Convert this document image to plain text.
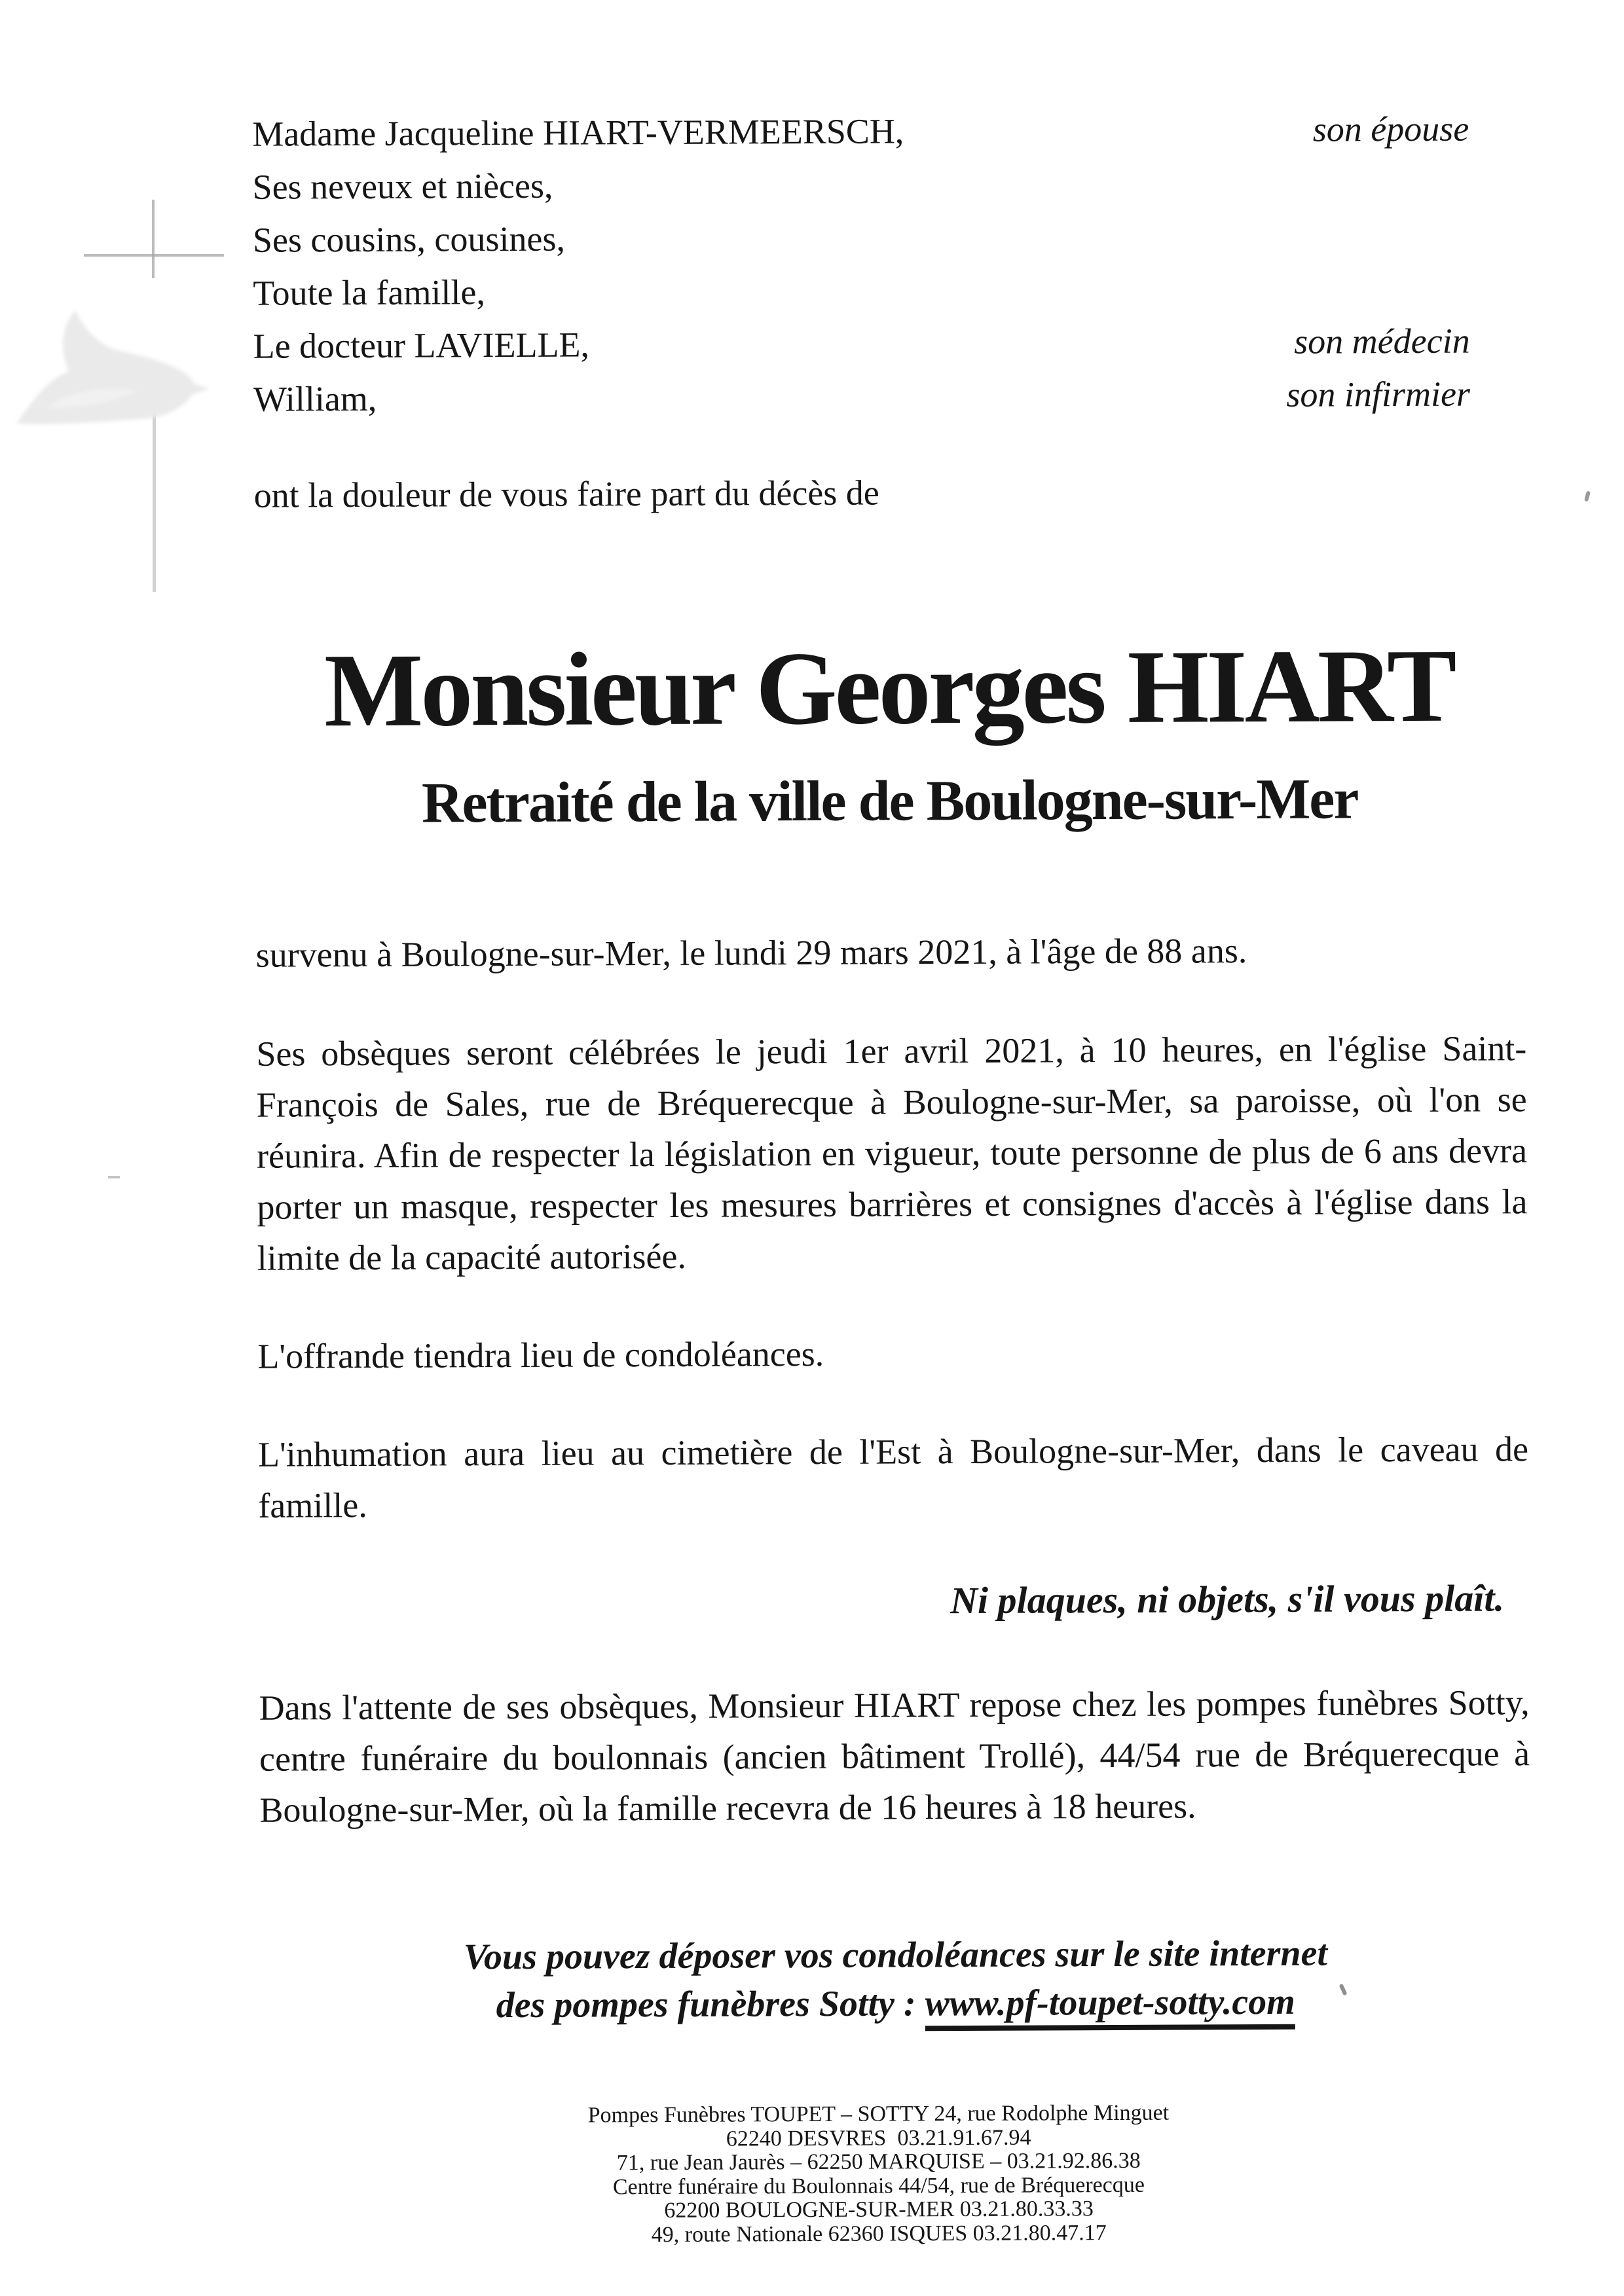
Madame Jacqueline HIART-VERMEERSCH,	son épouse
Ses neveux et nièces,
Ses cousins, cousines,
Toute la famille,
Le docteur LAVIELLE,	son médecin
William,	son infirmier

ont la douleur de vous faire part du décès de

Monsieur Georges HIART
Retraité de la ville de Boulogne-sur-Mer

survenu à Boulogne-sur-Mer, le lundi 29 mars 2021, à l'âge de 88 ans.

Ses obsèques seront célébrées le jeudi 1er avril 2021, à 10 heures, en l'église Saint-François de Sales, rue de Bréquerecque à Boulogne-sur-Mer, sa paroisse, où l'on se réunira. Afin de respecter la législation en vigueur, toute personne de plus de 6 ans devra porter un masque, respecter les mesures barrières et consignes d'accès à l'église dans la limite de la capacité autorisée.

L'offrande tiendra lieu de condoléances.

L'inhumation aura lieu au cimetière de l'Est à Boulogne-sur-Mer, dans le caveau de famille.

Ni plaques, ni objets, s'il vous plaît.

Dans l'attente de ses obsèques, Monsieur HIART repose chez les pompes funèbres Sotty, centre funéraire du boulonnais (ancien bâtiment Trollé), 44/54 rue de Bréquerecque à Boulogne-sur-Mer, où la famille recevra de 16 heures à 18 heures.

Vous pouvez déposer vos condoléances sur le site internet

des pompes funèbres Sotty : www.pf-toupet-sotty.com

Pompes Funèbres TOUPET – SOTTY 24, rue Rodolphe Minguet

62240 DESVRES  03.21.91.67.94

71, rue Jean Jaurès – 62250 MARQUISE – 03.21.92.86.38

Centre funéraire du Boulonnais 44/54, rue de Bréquerecque

62200 BOULOGNE-SUR-MER 03.21.80.33.33

49, route Nationale 62360 ISQUES 03.21.80.47.17
